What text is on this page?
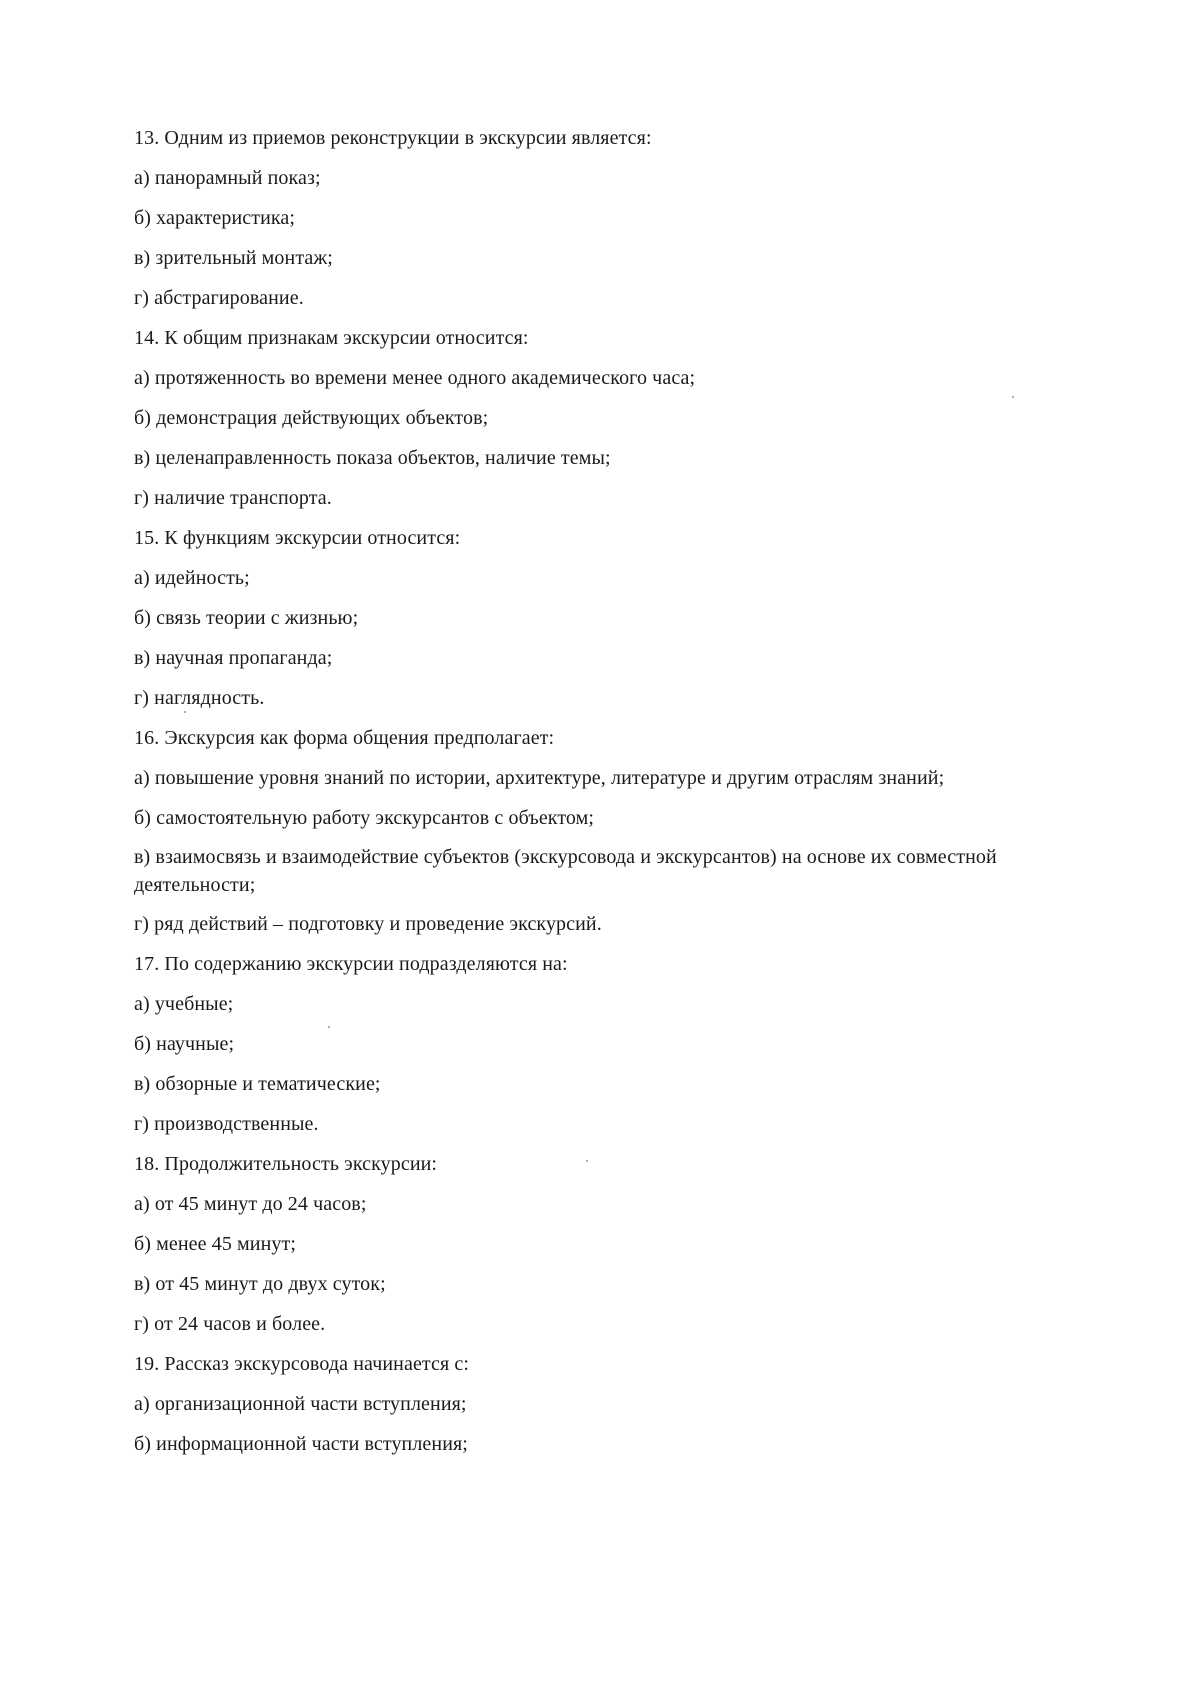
13. Одним из приемов реконструкции в экскурсии является:
а) панорамный показ;
б) характеристика;
в) зрительный монтаж;
г) абстрагирование.
14. К общим признакам экскурсии относится:
а) протяженность во времени менее одного академического часа;
б) демонстрация действующих объектов;
в) целенаправленность показа объектов, наличие темы;
г) наличие транспорта.
15. К функциям экскурсии относится:
а) идейность;
б) связь теории с жизнью;
в) научная пропаганда;
г) наглядность.
16. Экскурсия как форма общения предполагает:
а) повышение уровня знаний по истории, архитектуре, литературе и другим отраслям знаний;
б) самостоятельную работу экскурсантов с объектом;
в) взаимосвязь и взаимодействие субъектов (экскурсовода и экскурсантов) на основе их совместной деятельности;
г) ряд действий – подготовку и проведение экскурсий.
17. По содержанию экскурсии подразделяются на:
а) учебные;
б) научные;
в) обзорные и тематические;
г) производственные.
18. Продолжительность экскурсии:
а) от 45 минут до 24 часов;
б) менее 45 минут;
в) от 45 минут до двух суток;
г) от 24 часов и более.
19. Рассказ экскурсовода начинается с:
а) организационной части вступления;
б) информационной части вступления;
